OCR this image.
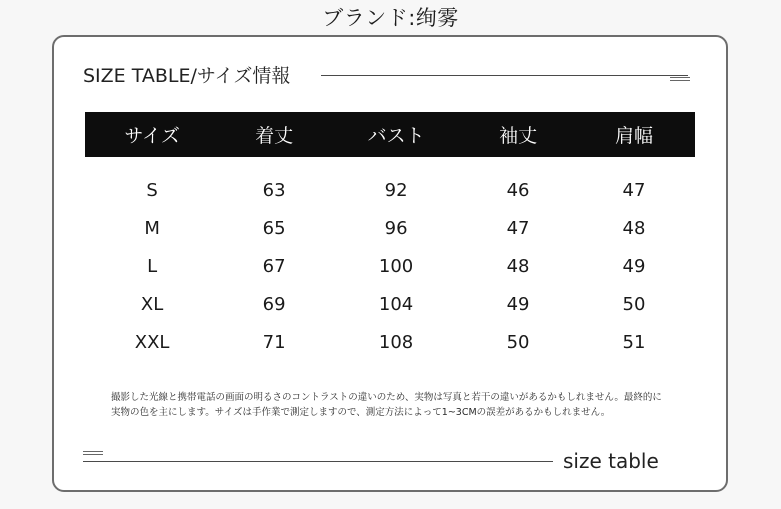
ブランド:绚雾
SIZE TABLE/サイズ情報
サイズ	着丈	バスト	袖丈	肩幅
S	63	92	46	47
M	65	96	47	48
L	67	100	48	49
XL	69	104	49	50
XXL	71	108	50	51
撮影した光線と携帯電話の画面の明るさのコントラストの違いのため、実物は写真と若干の違いがあるかもしれません。最終的に実物の色を主にします。サイズは手作業で測定しますので、測定方法によって1~3CMの誤差があるかもしれません。
size table
